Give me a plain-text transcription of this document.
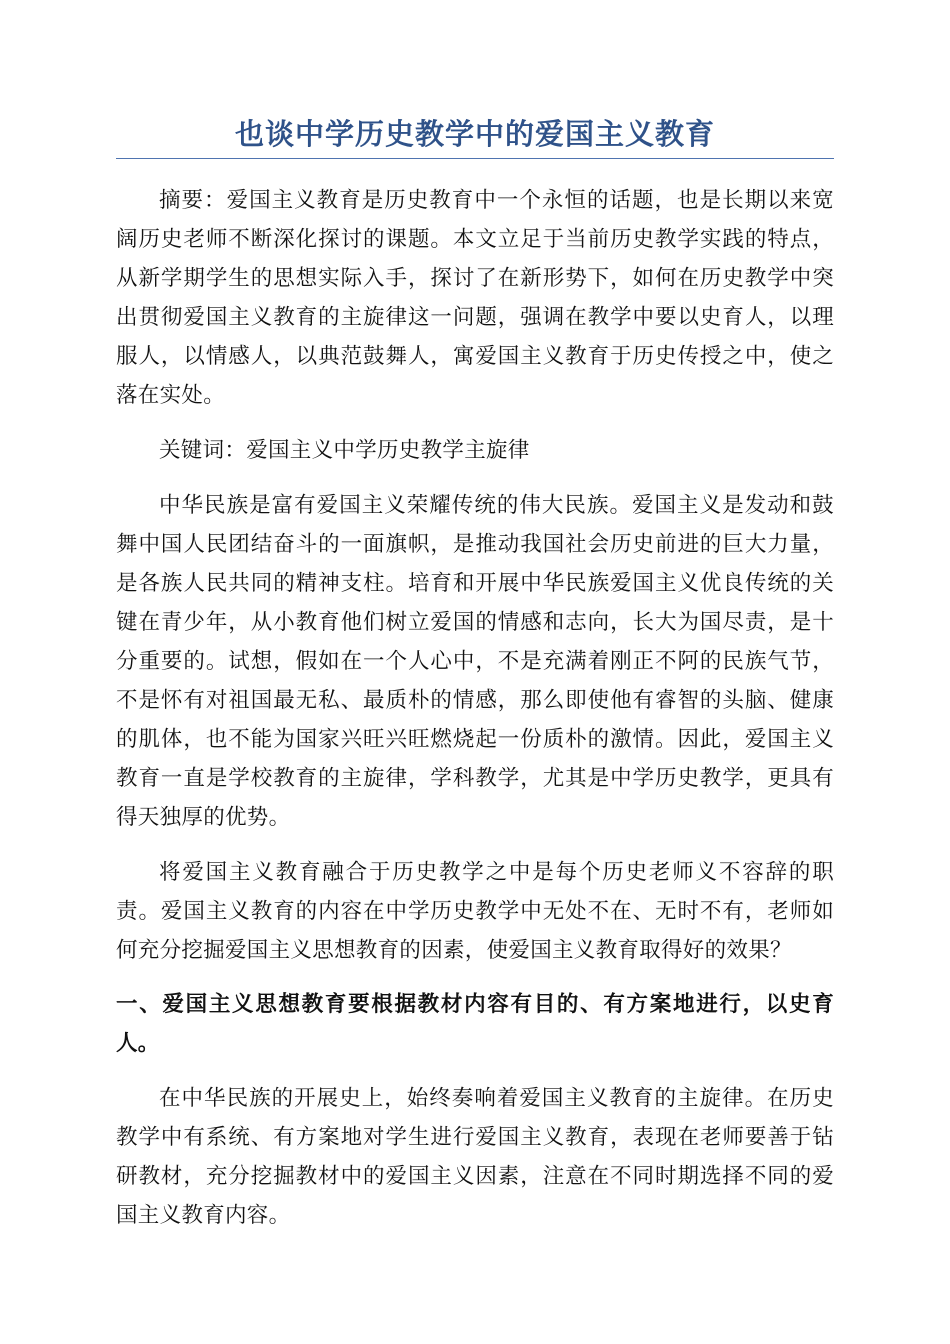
也谈中学历史教学中的爱国主义教育

摘要：爱国主义教育是历史教育中一个永恒的话题，也是长期以来宽阔历史老师不断深化探讨的课题。本文立足于当前历史教学实践的特点，从新学期学生的思想实际入手，探讨了在新形势下，如何在历史教学中突出贯彻爱国主义教育的主旋律这一问题，强调在教学中要以史育人，以理服人，以情感人，以典范鼓舞人，寓爱国主义教育于历史传授之中，使之落在实处。

关键词：爱国主义中学历史教学主旋律

中华民族是富有爱国主义荣耀传统的伟大民族。爱国主义是发动和鼓舞中国人民团结奋斗的一面旗帜，是推动我国社会历史前进的巨大力量，是各族人民共同的精神支柱。培育和开展中华民族爱国主义优良传统的关键在青少年，从小教育他们树立爱国的情感和志向，长大为国尽责，是十分重要的。试想，假如在一个人心中，不是充满着刚正不阿的民族气节，不是怀有对祖国最无私、最质朴的情感，那么即使他有睿智的头脑、健康的肌体，也不能为国家兴旺兴旺燃烧起一份质朴的激情。因此，爱国主义教育一直是学校教育的主旋律，学科教学，尤其是中学历史教学，更具有得天独厚的优势。

将爱国主义教育融合于历史教学之中是每个历史老师义不容辞的职责。爱国主义教育的内容在中学历史教学中无处不在、无时不有，老师如何充分挖掘爱国主义思想教育的因素，使爱国主义教育取得好的效果？

一、爱国主义思想教育要根据教材内容有目的、有方案地进行，以史育人。

在中华民族的开展史上，始终奏响着爱国主义教育的主旋律。在历史教学中有系统、有方案地对学生进行爱国主义教育，表现在老师要善于钻研教材，充分挖掘教材中的爱国主义因素，注意在不同时期选择不同的爱国主义教育内容。
